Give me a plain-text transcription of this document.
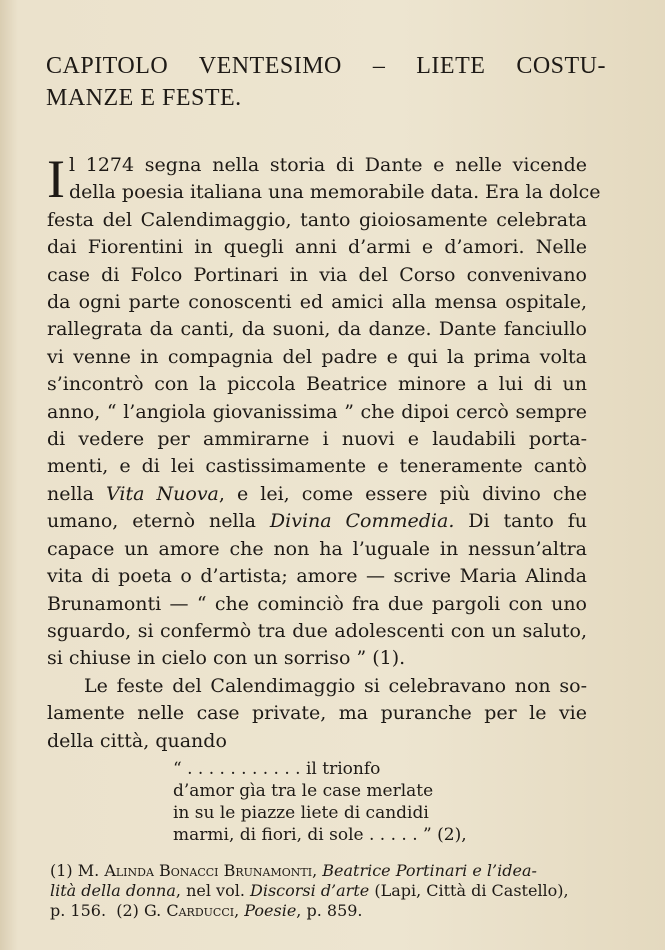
CAPITOLO VENTESIMO – LIETE COSTU-
MANZE E FESTE.
I l 1274 segna nella storia di Dante e nelle vicende
della poesia italiana una memorabile data. Era la dolce
festa del Calendimaggio, tanto gioiosamente celebrata
dai Fiorentini in quegli anni d’armi e d’amori. Nelle
case di Folco Portinari in via del Corso convenivano
da ogni parte conoscenti ed amici alla mensa ospitale,
rallegrata da canti, da suoni, da danze. Dante fanciullo
vi venne in compagnia del padre e qui la prima volta
s’incontrò con la piccola Beatrice minore a lui di un
anno, “ l’angiola giovanissima ” che dipoi cercò sempre
di vedere per ammirarne i nuovi e laudabili porta-
menti, e di lei castissimamente e teneramente cantò
nella Vita Nuova, e lei, come essere più divino che
umano, eternò nella Divina Commedia. Di tanto fu
capace un amore che non ha l’uguale in nessun’altra
vita di poeta o d’artista; amore — scrive Maria Alinda
Brunamonti — “ che cominciò fra due pargoli con uno
sguardo, si confermò tra due adolescenti con un saluto,
si chiuse in cielo con un sorriso ” (1).
Le feste del Calendimaggio si celebravano non so-
lamente nelle case private, ma puranche per le vie
della città, quando
“ . . . . . . . . . . . il trionfo
d’amor gìa tra le case merlate
in su le piazze liete di candidi
marmi, di fiori, di sole . . . . . ” (2),
(1) M. Alinda Bonacci Brunamonti, Beatrice Portinari e l’idea-
lità della donna, nel vol. Discorsi d’arte (Lapi, Città di Castello),
p. 156.  (2) G. Carducci, Poesie, p. 859.
